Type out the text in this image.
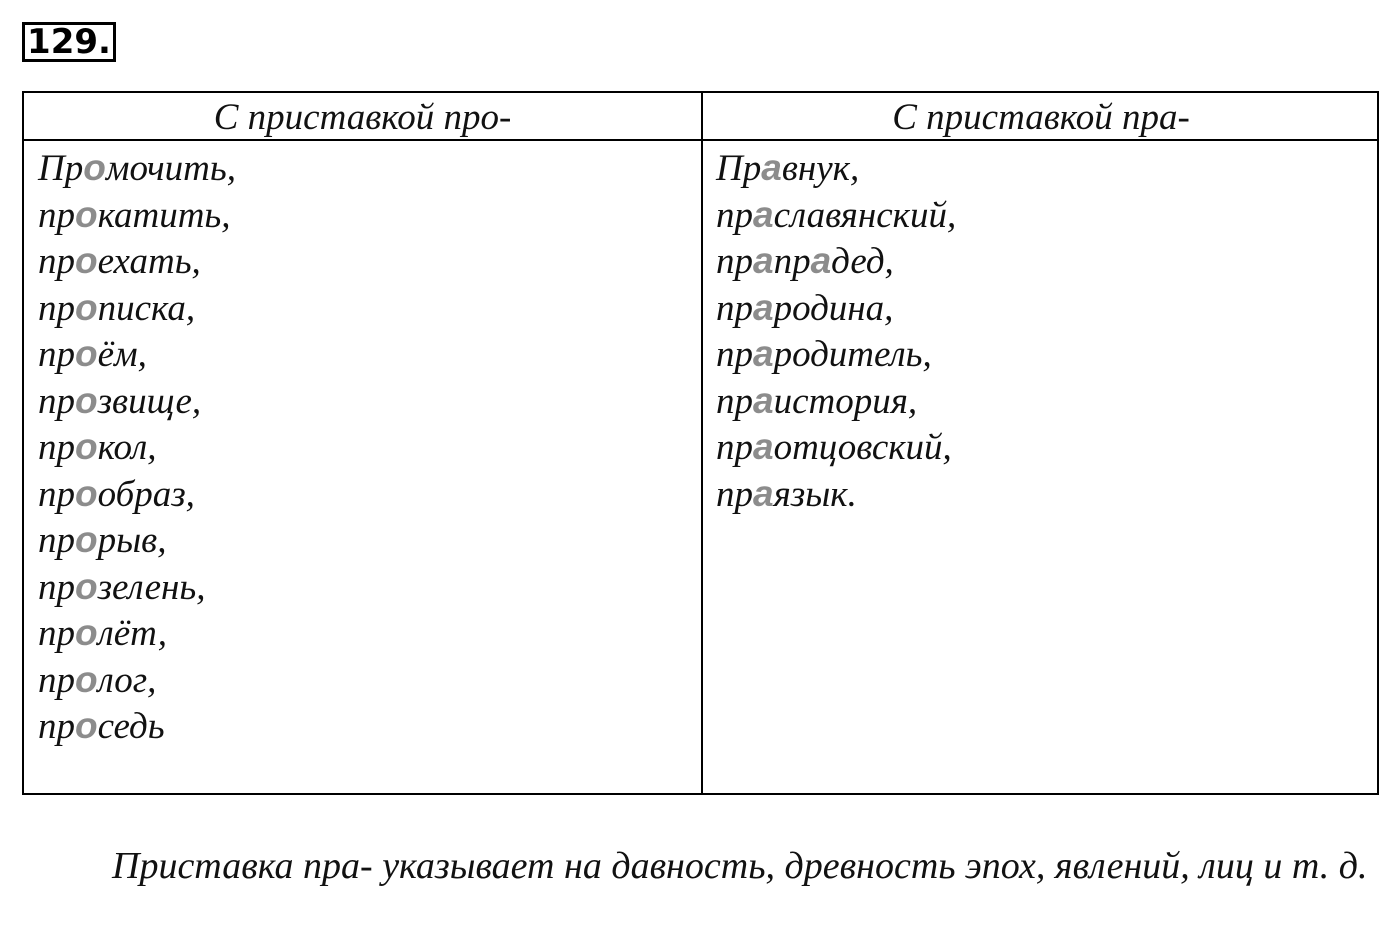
129.
С приставкой про-	С приставкой пра-
Промочить,
прокатить,
проехать,
прописка,
проём,
прозвище,
прокол,
прообраз,
прорыв,
прозелень,
пролёт,
пролог,
проседь
Правнук,
праславянский,
прапрадед,
прародина,
прародитель,
праистория,
праотцовский,
праязык.

Приставка пра- указывает на давность, древность эпох, явлений, лиц и т. д.
